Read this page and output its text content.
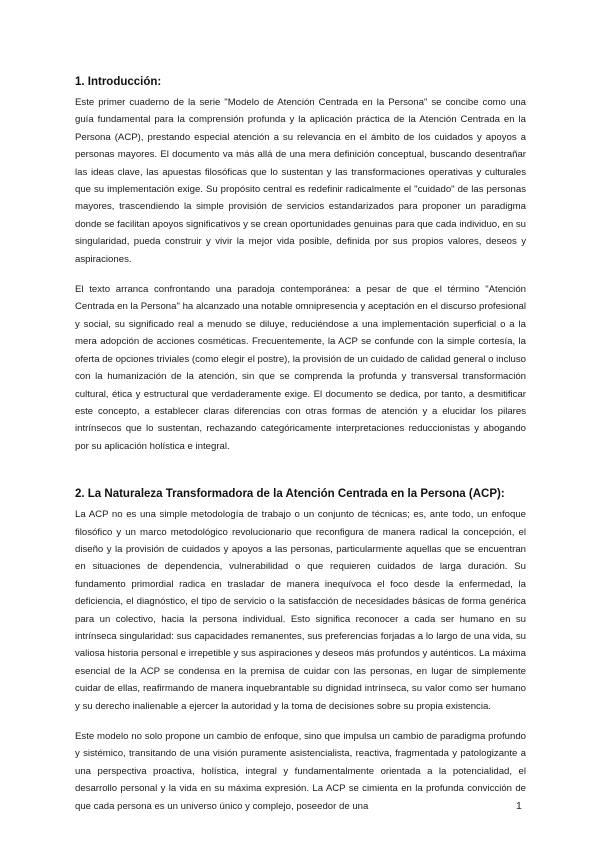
1. Introducción:

Este primer cuaderno de la serie "Modelo de Atención Centrada en la Persona" se concibe como una guía fundamental para la comprensión profunda y la aplicación práctica de la Atención Centrada en la Persona (ACP), prestando especial atención a su relevancia en el ámbito de los cuidados y apoyos a personas mayores. El documento va más allá de una mera definición conceptual, buscando desentrañar las ideas clave, las apuestas filosóficas que lo sustentan y las transformaciones operativas y culturales que su implementación exige. Su propósito central es redefinir radicalmente el "cuidado" de las personas mayores, trascendiendo la simple provisión de servicios estandarizados para proponer un paradigma donde se facilitan apoyos significativos y se crean oportunidades genuinas para que cada individuo, en su singularidad, pueda construir y vivir la mejor vida posible, definida por sus propios valores, deseos y aspiraciones.

El texto arranca confrontando una paradoja contemporánea: a pesar de que el término "Atención Centrada en la Persona" ha alcanzado una notable omnipresencia y aceptación en el discurso profesional y social, su significado real a menudo se diluye, reduciéndose a una implementación superficial o a la mera adopción de acciones cosméticas. Frecuentemente, la ACP se confunde con la simple cortesía, la oferta de opciones triviales (como elegir el postre), la provisión de un cuidado de calidad general o incluso con la humanización de la atención, sin que se comprenda la profunda y transversal transformación cultural, ética y estructural que verdaderamente exige. El documento se dedica, por tanto, a desmitificar este concepto, a establecer claras diferencias con otras formas de atención y a elucidar los pilares intrínsecos que lo sustentan, rechazando categóricamente interpretaciones reduccionistas y abogando por su aplicación holística e integral.

2. La Naturaleza Transformadora de la Atención Centrada en la Persona (ACP):

La ACP no es una simple metodología de trabajo o un conjunto de técnicas; es, ante todo, un enfoque filosófico y un marco metodológico revolucionario que reconfigura de manera radical la concepción, el diseño y la provisión de cuidados y apoyos a las personas, particularmente aquellas que se encuentran en situaciones de dependencia, vulnerabilidad o que requieren cuidados de larga duración. Su fundamento primordial radica en trasladar de manera inequívoca el foco desde la enfermedad, la deficiencia, el diagnóstico, el tipo de servicio o la satisfacción de necesidades básicas de forma genérica para un colectivo, hacia la persona individual. Esto significa reconocer a cada ser humano en su intrínseca singularidad: sus capacidades remanentes, sus preferencias forjadas a lo largo de una vida, su valiosa historia personal e irrepetible y sus aspiraciones y deseos más profundos y auténticos. La máxima esencial de la ACP se condensa en la premisa de cuidar con las personas, en lugar de simplemente cuidar de ellas, reafirmando de manera inquebrantable su dignidad intrínseca, su valor como ser humano y su derecho inalienable a ejercer la autoridad y la toma de decisiones sobre su propia existencia.

Este modelo no solo propone un cambio de enfoque, sino que impulsa un cambio de paradigma profundo y sistémico, transitando de una visión puramente asistencialista, reactiva, fragmentada y patologizante a una perspectiva proactiva, holística, integral y fundamentalmente orientada a la potencialidad, el desarrollo personal y la vida en su máxima expresión. La ACP se cimienta en la profunda convicción de que cada persona es un universo único y complejo, poseedor de una	1
